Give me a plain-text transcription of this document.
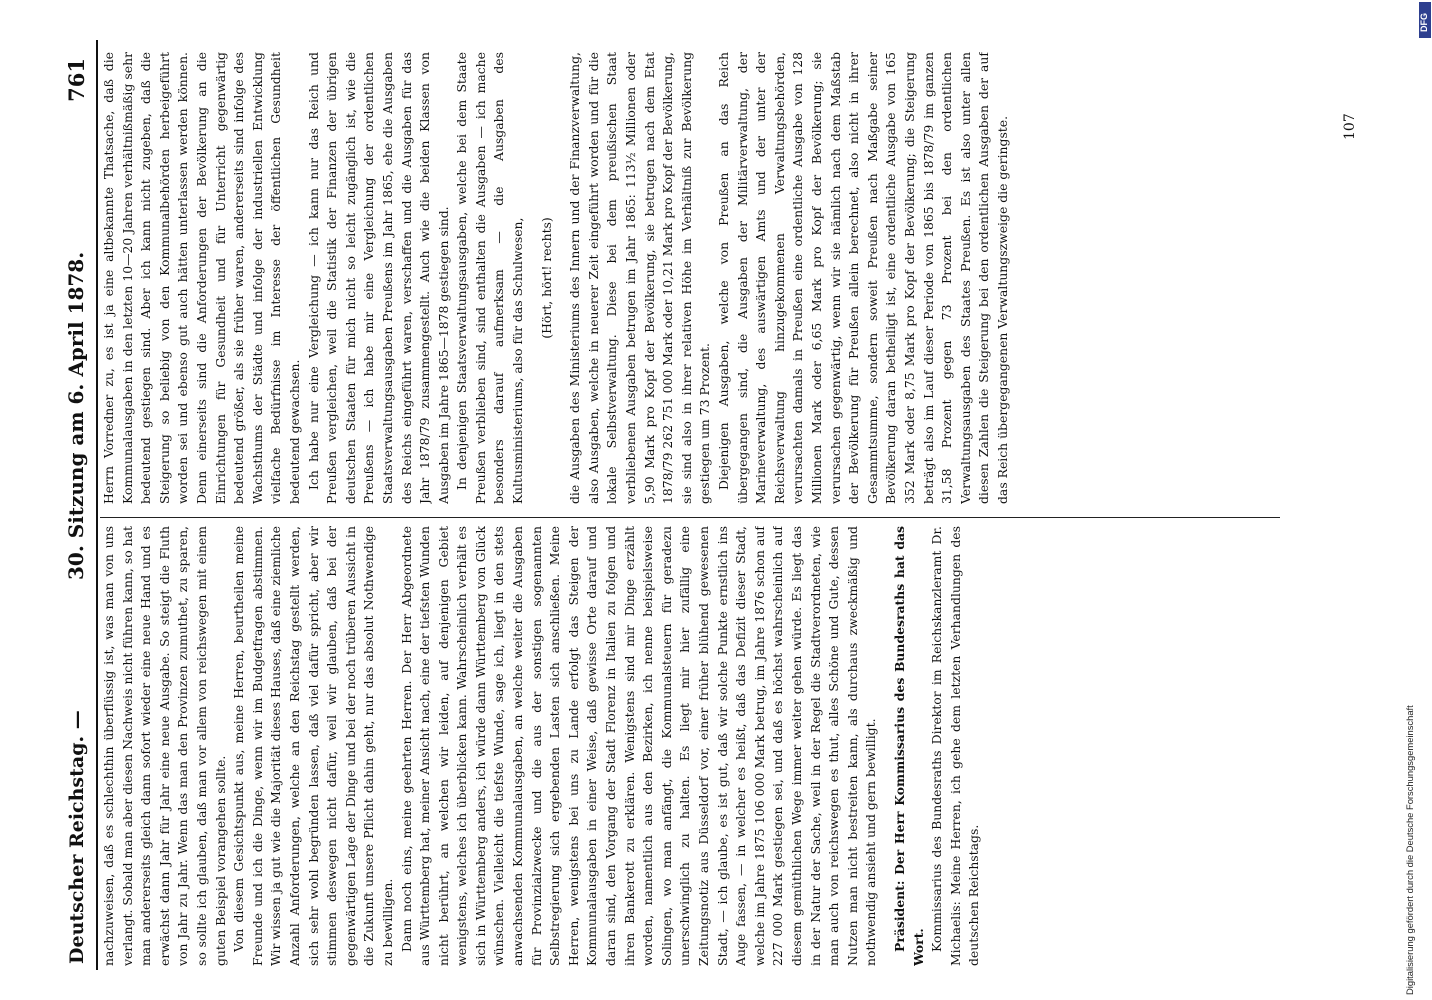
Deutscher Reichstag. —
30. Sitzung am 6. April 1878.
761

nachzuweisen, daß es schlechthin überflüssig ist, was man von uns verlangt. Sobald man aber diesen Nachweis nicht führen kann, so hat man andererseits gleich dann sofort wieder eine neue Hand und es erwächst dann Jahr für Jahr eine neue Ausgabe. So steigt die Fluth von Jahr zu Jahr. Wenn das man den Provinzen zumuthet, zu sparen, so sollte ich glauben, daß man vor allem von reichswegen mit einem guten Beispiel vorangehen sollte. Von diesem Gesichtspunkt aus, meine Herren, beurtheilen meine Freunde und ich die Dinge, wenn wir im Budgetfragen abstimmen. Wir wissen ja gut wie die Majorität dieses Hauses, daß eine ziemliche Anzahl Anforderungen, welche an den Reichstag gestellt werden, sich sehr wohl begründen lassen, daß viel dafür spricht, aber wir stimmen deswegen nicht dafür, weil wir glauben, daß bei der gegenwärtigen Lage der Dinge und bei der noch trüberen Aussicht in die Zukunft unsere Pflicht dahin geht, nur das absolut Nothwendige zu bewilligen. Dann noch eins, meine geehrten Herren. Der Herr Abgeordnete aus Württemberg hat, meiner Ansicht nach, eine der tiefsten Wunden nicht berührt, an welchen wir leiden, auf denjenigen Gebiet wenigstens, welches ich überblicken kann. Wahrscheinlich verhält es sich in Württemberg anders, ich würde dann Württemberg von Glück wünschen. Vielleicht die tiefste Wunde, sage ich, liegt in den stets anwachsenden Kommunalausgaben, an welche weiter die Ausgaben für Provinzialzwecke und die aus der sonstigen sogenannten Selbstregierung sich ergebenden Lasten sich anschließen. Meine Herren, wenigstens bei uns zu Lande erfolgt das Steigen der Kommunalausgaben in einer Weise, daß gewisse Orte darauf und daran sind, den Vorgang der Stadt Florenz in Italien zu folgen und ihren Bankerott zu erklären. Wenigstens sind mir Dinge erzählt worden, namentlich aus den Bezirken, ich nenne beispielsweise Solingen, wo man anfängt, die Kommunalsteuern für geradezu unerschwinglich zu halten. Es liegt mir hier zufällig eine Zeitungsnotiz aus Düsseldorf vor, einer früher blühend gewesenen Stadt, — ich glaube, es ist gut, daß wir solche Punkte ernstlich ins Auge fassen, — in welcher es heißt, daß das Defizit dieser Stadt, welche im Jahre 1875 106 000 Mark betrug, im Jahre 1876 schon auf 227 000 Mark gestiegen sei, und daß es höchst wahrscheinlich auf diesem gemüthlichen Wege immer weiter gehen würde. Es liegt das in der Natur der Sache, weil in der Regel die Stadtverordneten, wie man auch von reichswegen es thut, alles Schöne und Gute, dessen Nutzen man nicht bestreiten kann, als durchaus zweckmäßig und nothwendig ansieht und gern bewilligt. Präsident: Der Herr Kommissarius des Bundesraths hat das Wort. Kommissarius des Bundesraths Direktor im Reichskanzleramt Dr. Michaelis: Meine Herren, ich gehe dem letzten Verhandlungen des deutschen Reichstags.

Herrn Vorredner zu, es ist ja eine altbekannte Thatsache, daß die Kommunalausgaben in den letzten 10—20 Jahren verhältnißmäßig sehr bedeutend gestiegen sind. Aber ich kann nicht zugeben, daß die Steigerung so beliebig von den Kommunalbehörden herbeigeführt worden sei und ebenso gut auch hätten unterlassen werden können. Denn einerseits sind die Anforderungen der Bevölkerung an die Einrichtungen für Gesundheit und für Unterricht gegenwärtig bedeutend größer, als sie früher waren, andererseits sind infolge des Wachsthums der Städte und infolge der industriellen Entwicklung vielfache Bedürfnisse im Interesse der öffentlichen Gesundheit bedeutend gewachsen. Ich habe nur eine Vergleichung — ich kann nur das Reich und Preußen vergleichen, weil die Statistik der Finanzen der übrigen deutschen Staaten für mich nicht so leicht zugänglich ist, wie die Preußens — ich habe mir eine Vergleichung der ordentlichen Staatsverwaltungsausgaben Preußens im Jahr 1865, ehe die Ausgaben des Reichs eingeführt waren, verschaffen und die Ausgaben für das Jahr 1878/79 zusammengestellt. Auch wie die beiden Klassen von Ausgaben im Jahre 1865—1878 gestiegen sind. In denjenigen Staatsverwaltungsausgaben, welche bei dem Staate Preußen verblieben sind, sind enthalten die Ausgaben — ich mache besonders darauf aufmerksam — die Ausgaben des Kultusministeriums, also für das Schulwesen, (Hört, hört! rechts) die Ausgaben des Ministeriums des Innern und der Finanzverwaltung, also Ausgaben, welche in neuerer Zeit eingeführt worden und für die lokale Selbstverwaltung. Diese bei dem preußischen Staat verbliebenen Ausgaben betrugen im Jahr 1865: 113½ Millionen oder 5,90 Mark pro Kopf der Bevölkerung, sie betrugen nach dem Etat 1878/79 262 751 000 Mark oder 10,21 Mark pro Kopf der Bevölkerung, sie sind also in ihrer relativen Höhe im Verhältniß zur Bevölkerung gestiegen um 73 Prozent. Diejenigen Ausgaben, welche von Preußen an das Reich übergegangen sind, die Ausgaben der Militärverwaltung, der Marineverwaltung, des auswärtigen Amts und der unter der Reichsverwaltung hinzugekommenen Verwaltungsbehörden, verursachten damals in Preußen eine ordentliche Ausgabe von 128 Millionen Mark oder 6,65 Mark pro Kopf der Bevölkerung; sie verursachen gegenwärtig, wenn wir sie nämlich nach dem Maßstab der Bevölkerung für Preußen allein berechnet, also nicht in ihrer Gesammtsumme, sondern soweit Preußen nach Maßgabe seiner Bevölkerung daran betheiligt ist, eine ordentliche Ausgabe von 165 352 Mark oder 8,75 Mark pro Kopf der Bevölkerung; die Steigerung beträgt also im Lauf dieser Periode von 1865 bis 1878/79 im ganzen 31,58 Prozent gegen 73 Prozent bei den ordentlichen Verwaltungsausgaben des Staates Preußen. Es ist also unter allen diesen Zahlen die Steigerung bei den ordentlichen Ausgaben der auf das Reich übergegangenen Verwaltungszweige die geringste.	107
Digitalisierung gefördert durch die Deutsche Forschungsgemeinschaft
DFG
